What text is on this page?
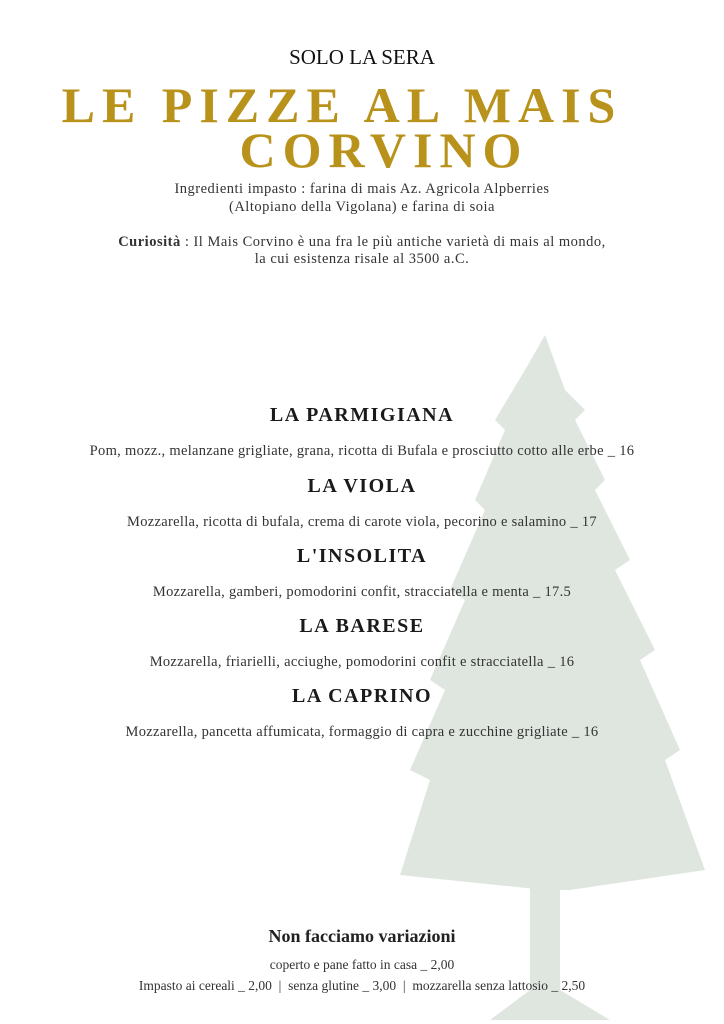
SOLO LA SERA
LE PIZZE AL MAIS
CORVINO
Ingredienti impasto : farina di mais Az. Agricola Alpberries
(Altopiano della Vigolana) e farina di soia
Curiosità : Il Mais Corvino è una fra le più antiche varietà di mais al mondo,
la cui esistenza risale al 3500 a.C.
LA PARMIGIANA
Pom, mozz., melanzane grigliate, grana, ricotta di Bufala e prosciutto cotto alle erbe _ 16
LA VIOLA
Mozzarella, ricotta di bufala, crema di carote viola, pecorino e salamino _ 17
L'INSOLITA
Mozzarella, gamberi, pomodorini confit, stracciatella e menta _ 17.5
LA BARESE
Mozzarella, friarielli, acciughe, pomodorini confit e stracciatella _ 16
LA CAPRINO
Mozzarella, pancetta affumicata, formaggio di capra e zucchine grigliate _ 16
Non facciamo variazioni
coperto e pane fatto in casa _ 2,00
Impasto ai cereali _ 2,00  |  senza glutine _ 3,00  |  mozzarella senza lattosio _ 2,50
